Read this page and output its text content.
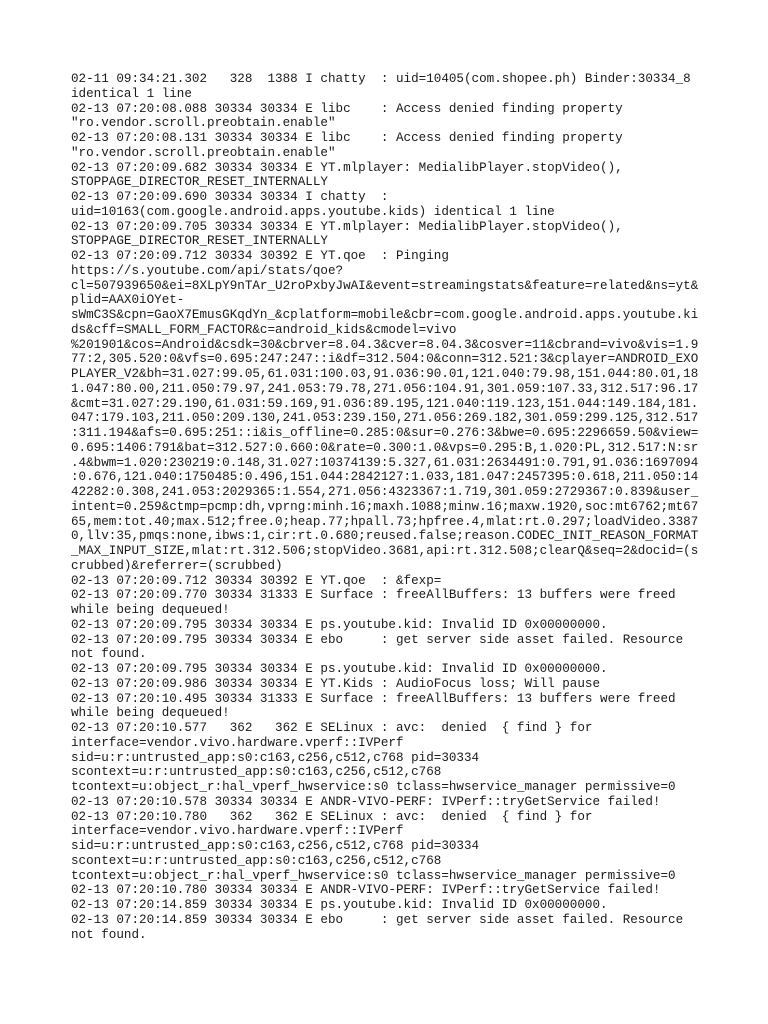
02-11 09:34:21.302   328  1388 I chatty  : uid=10405(com.shopee.ph) Binder:30334_8
identical 1 line
02-13 07:20:08.088 30334 30334 E libc    : Access denied finding property
"ro.vendor.scroll.preobtain.enable"
02-13 07:20:08.131 30334 30334 E libc    : Access denied finding property
"ro.vendor.scroll.preobtain.enable"
02-13 07:20:09.682 30334 30334 E YT.mlplayer: MedialibPlayer.stopVideo(),
STOPPAGE_DIRECTOR_RESET_INTERNALLY
02-13 07:20:09.690 30334 30334 I chatty  :
uid=10163(com.google.android.apps.youtube.kids) identical 1 line
02-13 07:20:09.705 30334 30334 E YT.mlplayer: MedialibPlayer.stopVideo(),
STOPPAGE_DIRECTOR_RESET_INTERNALLY
02-13 07:20:09.712 30334 30392 E YT.qoe  : Pinging
https://s.youtube.com/api/stats/qoe?
cl=507939650&ei=8XLpY9nTAr_U2roPxbyJwAI&event=streamingstats&feature=related&ns=yt&
plid=AAX0iOYet-
sWmC3S&cpn=GaoX7EmusGKqdYn_&cplatform=mobile&cbr=com.google.android.apps.youtube.ki
ds&cff=SMALL_FORM_FACTOR&c=android_kids&cmodel=vivo
%201901&cos=Android&csdk=30&cbrver=8.04.3&cver=8.04.3&cosver=11&cbrand=vivo&vis=1.9
77:2,305.520:0&vfs=0.695:247:247::i&df=312.504:0&conn=312.521:3&cplayer=ANDROID_EXO
PLAYER_V2&bh=31.027:99.05,61.031:100.03,91.036:90.01,121.040:79.98,151.044:80.01,18
1.047:80.00,211.050:79.97,241.053:79.78,271.056:104.91,301.059:107.33,312.517:96.17
&cmt=31.027:29.190,61.031:59.169,91.036:89.195,121.040:119.123,151.044:149.184,181.
047:179.103,211.050:209.130,241.053:239.150,271.056:269.182,301.059:299.125,312.517
:311.194&afs=0.695:251::i&is_offline=0.285:0&sur=0.276:3&bwe=0.695:2296659.50&view=
0.695:1406:791&bat=312.527:0.660:0&rate=0.300:1.0&vps=0.295:B,1.020:PL,312.517:N:sr
.4&bwm=1.020:230219:0.148,31.027:10374139:5.327,61.031:2634491:0.791,91.036:1697094
:0.676,121.040:1750485:0.496,151.044:2842127:1.033,181.047:2457395:0.618,211.050:14
42282:0.308,241.053:2029365:1.554,271.056:4323367:1.719,301.059:2729367:0.839&user_
intent=0.259&ctmp=pcmp:dh,vprng:minh.16;maxh.1088;minw.16;maxw.1920,soc:mt6762;mt67
65,mem:tot.40;max.512;free.0;heap.77;hpall.73;hpfree.4,mlat:rt.0.297;loadVideo.3387
0,llv:35,pmqs:none,ibws:1,cir:rt.0.680;reused.false;reason.CODEC_INIT_REASON_FORMAT
_MAX_INPUT_SIZE,mlat:rt.312.506;stopVideo.3681,api:rt.312.508;clearQ&seq=2&docid=(s
crubbed)&referrer=(scrubbed)
02-13 07:20:09.712 30334 30392 E YT.qoe  : &fexp=
02-13 07:20:09.770 30334 31333 E Surface : freeAllBuffers: 13 buffers were freed
while being dequeued!
02-13 07:20:09.795 30334 30334 E ps.youtube.kid: Invalid ID 0x00000000.
02-13 07:20:09.795 30334 30334 E ebo     : get server side asset failed. Resource
not found.
02-13 07:20:09.795 30334 30334 E ps.youtube.kid: Invalid ID 0x00000000.
02-13 07:20:09.986 30334 30334 E YT.Kids : AudioFocus loss; Will pause
02-13 07:20:10.495 30334 31333 E Surface : freeAllBuffers: 13 buffers were freed
while being dequeued!
02-13 07:20:10.577   362   362 E SELinux : avc:  denied  { find } for
interface=vendor.vivo.hardware.vperf::IVPerf
sid=u:r:untrusted_app:s0:c163,c256,c512,c768 pid=30334
scontext=u:r:untrusted_app:s0:c163,c256,c512,c768
tcontext=u:object_r:hal_vperf_hwservice:s0 tclass=hwservice_manager permissive=0
02-13 07:20:10.578 30334 30334 E ANDR-VIVO-PERF: IVPerf::tryGetService failed!
02-13 07:20:10.780   362   362 E SELinux : avc:  denied  { find } for
interface=vendor.vivo.hardware.vperf::IVPerf
sid=u:r:untrusted_app:s0:c163,c256,c512,c768 pid=30334
scontext=u:r:untrusted_app:s0:c163,c256,c512,c768
tcontext=u:object_r:hal_vperf_hwservice:s0 tclass=hwservice_manager permissive=0
02-13 07:20:10.780 30334 30334 E ANDR-VIVO-PERF: IVPerf::tryGetService failed!
02-13 07:20:14.859 30334 30334 E ps.youtube.kid: Invalid ID 0x00000000.
02-13 07:20:14.859 30334 30334 E ebo     : get server side asset failed. Resource
not found.
